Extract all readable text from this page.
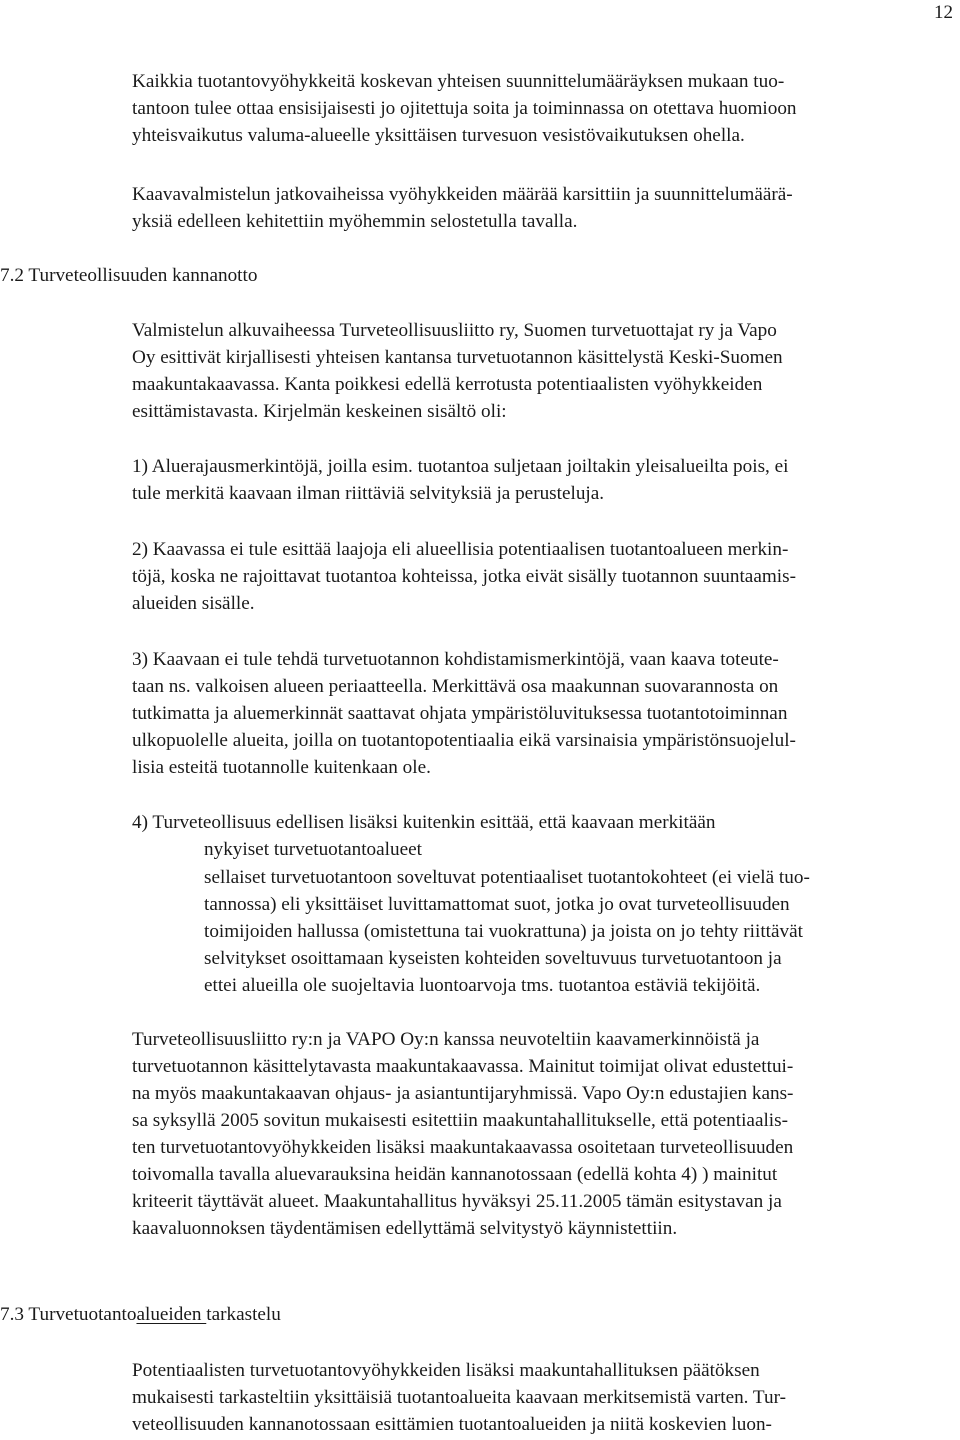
12

Kaikkia tuotantovyöhykkeitä koskevan yhteisen suunnittelumääräyksen mukaan tuo-
tantoon tulee ottaa ensisijaisesti jo ojitettuja soita ja toiminnassa on otettava huomioon
yhteisvaikutus valuma-alueelle yksittäisen turvesuon vesistövaikutuksen ohella.

Kaavavalmistelun jatkovaiheissa vyöhykkeiden määrää karsittiin ja suunnittelumäärä-
yksiä edelleen kehitettiin myöhemmin selostetulla tavalla.

7.2 Turveteollisuuden kannanotto

Valmistelun alkuvaiheessa Turveteollisuusliitto ry, Suomen turvetuottajat ry ja Vapo
Oy esittivät kirjallisesti yhteisen kantansa turvetuotannon käsittelystä Keski-Suomen
maakuntakaavassa. Kanta poikkesi edellä kerrotusta potentiaalisten vyöhykkeiden
esittämistavasta. Kirjelmän keskeinen sisältö oli:

1) Aluerajausmerkintöjä, joilla esim. tuotantoa suljetaan joiltakin yleisalueilta pois, ei
tule merkitä kaavaan ilman riittäviä selvityksiä ja perusteluja.

2) Kaavassa ei tule esittää laajoja eli alueellisia potentiaalisen tuotantoalueen merkin-
töjä, koska ne rajoittavat tuotantoa kohteissa, jotka eivät sisälly tuotannon suuntaamis-
alueiden sisälle.

3) Kaavaan ei tule tehdä turvetuotannon kohdistamismerkintöjä, vaan kaava toteute-
taan ns. valkoisen alueen periaatteella. Merkittävä osa maakunnan suovarannosta on
tutkimatta ja aluemerkinnät saattavat ohjata ympäristöluvituksessa tuotantotoiminnan
ulkopuolelle alueita, joilla on tuotantopotentiaalia eikä varsinaisia ympäristönsuojelul-
lisia esteitä tuotannolle kuitenkaan ole.

4) Turveteollisuus edellisen lisäksi kuitenkin esittää, että kaavaan merkitään

nykyiset turvetuotantoalueet
sellaiset turvetuotantoon soveltuvat potentiaaliset tuotantokohteet (ei vielä tuo-
tannossa) eli yksittäiset luvittamattomat suot, jotka jo ovat turveteollisuuden
toimijoiden hallussa (omistettuna tai vuokrattuna) ja joista on jo tehty riittävät
selvitykset osoittamaan kyseisten kohteiden soveltuvuus turvetuotantoon ja
ettei alueilla ole suojeltavia luontoarvoja tms. tuotantoa estäviä tekijöitä.

Turveteollisuusliitto ry:n ja VAPO Oy:n kanssa neuvoteltiin kaavamerkinnöistä ja
turvetuotannon käsittelytavasta maakuntakaavassa. Mainitut toimijat olivat edustettui-
na myös maakuntakaavan ohjaus- ja asiantuntijaryhmissä. Vapo Oy:n edustajien kans-
sa syksyllä 2005 sovitun mukaisesti esitettiin maakuntahallitukselle, että potentiaalis-
ten turvetuotantovyöhykkeiden lisäksi maakuntakaavassa osoitetaan turveteollisuuden
toivomalla tavalla aluevarauksina heidän kannanotossaan (edellä kohta 4) ) mainitut
kriteerit täyttävät alueet. Maakuntahallitus hyväksyi 25.11.2005 tämän esitystavan ja
kaavaluonnoksen täydentämisen edellyttämä selvitystyö käynnistettiin.

7.3 Turvetuotantoalueiden tarkastelu

Potentiaalisten turvetuotantovyöhykkeiden lisäksi maakuntahallituksen päätöksen
mukaisesti tarkasteltiin yksittäisiä tuotantoalueita kaavaan merkitsemistä varten. Tur-
veteollisuuden kannanotossaan esittämien tuotantoalueiden ja niitä koskevien luon-
